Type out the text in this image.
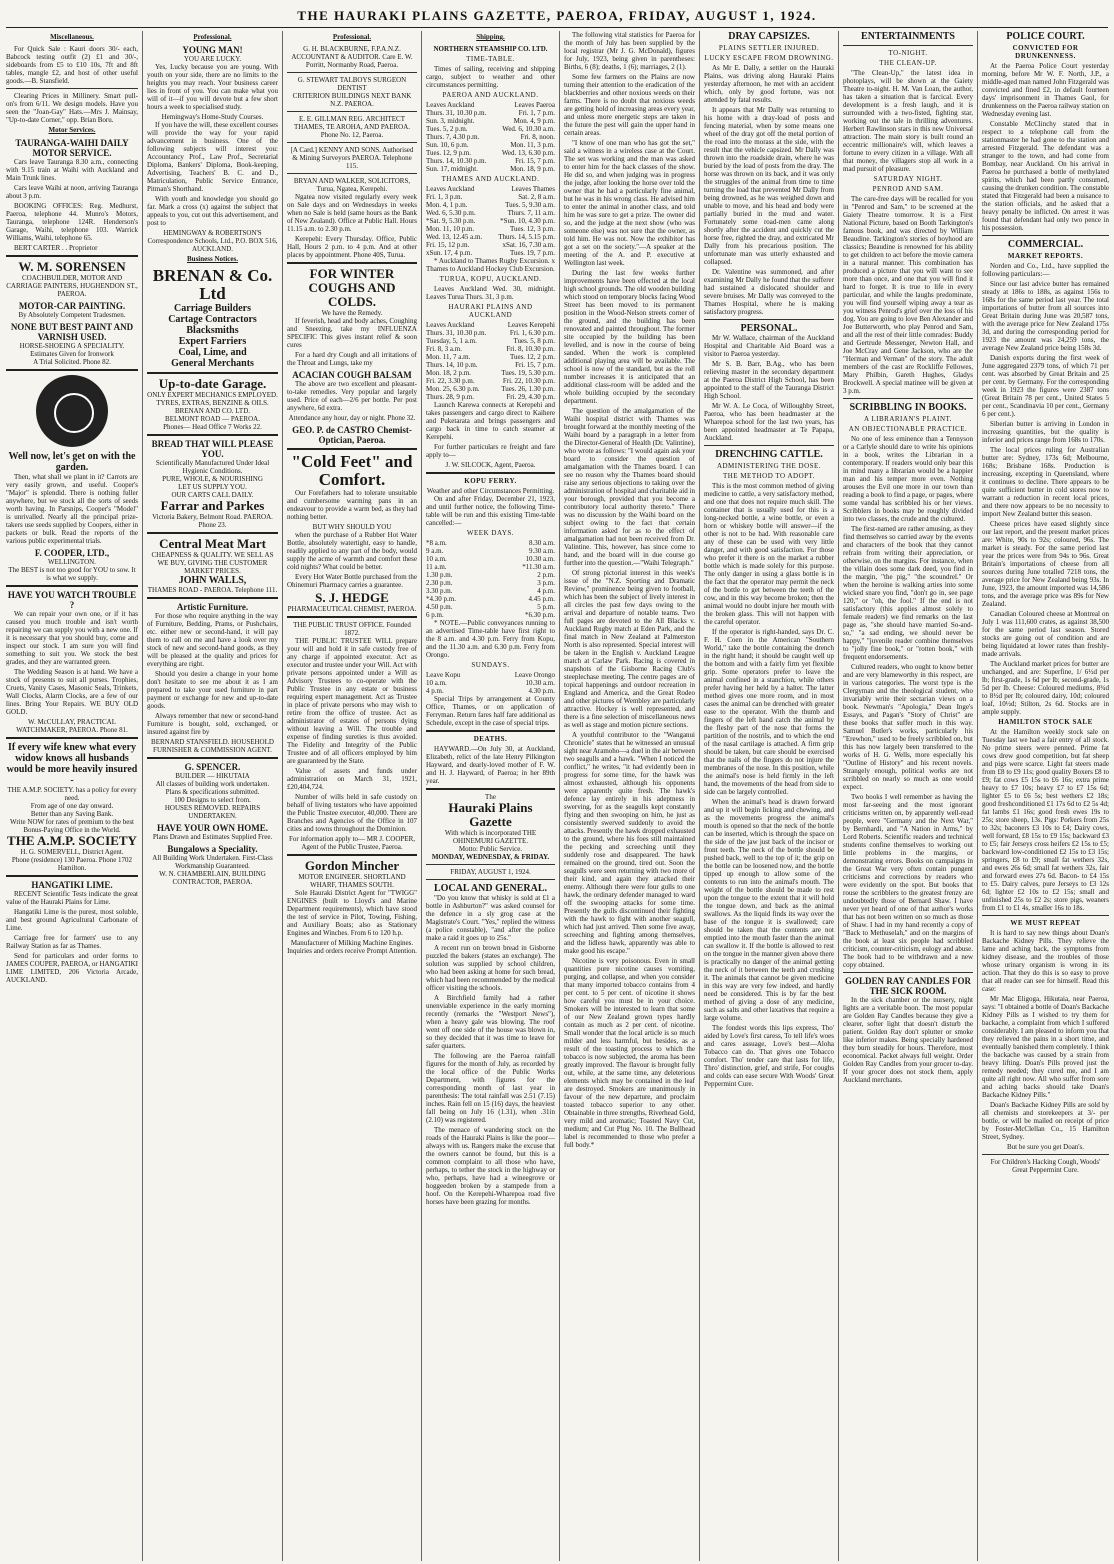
THE HAURAKI PLAINS GAZETTE, PAEROA, FRIDAY, AUGUST 1, 1924.
Miscellaneous.
For Quick Sale : Kauri doors 30/- each, Babcock testing outfit (2) £1 and 30/-, sideboards from £5 to £10 10s, 7ft and 8ft tables, mangle £2, and host of other useful goods.—B. Stansfield.
Clearing Prices in Millinery. Smart pull-on's from 6/11. We design models. Have you seen the "Joan-Gay" Hats.—Mrs J. Mainsay, "Up-to-date Corner," opp. Brian Boru.
Motor Services.
TAURANGA-WAIHI DAILY MOTOR SERVICE.
Cars leave Tauranga 8.30 a.m., connecting with 9.15 train at Waihi with Auckland and Main Trunk lines.
Cars leave Waihi at noon, arriving Tauranga about 3 p.m.
BOOKING OFFICES: Reg. Medhurst, Paeroa, telephone 44. Munro's Motors, Tauranga, telephone 124R. Henderson's Garage, Waihi, telephone 103. Warrick Williams, Waihi, telephone 65.
BERT CARTER . . Proprietor
W. M. SORENSEN
COACHBUILDER, MOTOR AND CARRIAGE PAINTERS, HUGHENDON ST., PAEROA.
MOTOR-CAR PAINTING.
By Absolutely Competent Tradesmen.
NONE BUT BEST PAINT AND VARNISH USED.
HORSE-SHOEING A SPECIALITY.
Estimates Given for Ironwork
A Trial Solicited. Phone 82.
Well now, let's get on with the garden.
Then, what shall we plant in it? Carrots are very easily grown, and useful. Cooper's "Major" is splendid. There is nothing fuller anywhere, but we stock all the sorts of seeds worth having. In Parsnips, Cooper's "Model" is unrivalled. Nearly all the principal prize-takers use seeds supplied by Coopers, either in packets or bulk. Read the reports of the various public experimental trials.
F. COOPER, LTD.,
WELLINGTON.
The BEST is not too good for YOU to sow. It is what we supply.
HAVE YOU WATCH TROUBLE ?
We can repair your own one, or if it has caused you much trouble and isn't worth repairing we can supply you with a new one. If it is necessary that you should buy, come and inspect our stock. I am sure you will find something to suit you. We stock the best grades, and they are warranted green.
The Wedding Season is at hand. We have a stock of presents to suit all purses. Trophies, Cruets, Vanity Cases, Masonic Seals, Trinkets, Wall Clocks, Alarm Clocks, are a few of our lines. Bring Your Repairs. WE BUY OLD GOLD.
W. McCULLAY, PRACTICAL WATCHMAKER, PAEROA. Phone 81.
If every wife knew what every widow knows all husbands would be more heavily insured -
THE A.M.P. SOCIETY. has a policy for every need.
From age of one day onward.
Better than any Saving Bank.
Write NOW for rates of premium to the best Bonus-Paying Office in the World.
THE A.M.P. SOCIETY
H. G. SOMERVELL, District Agent.
Phone (residence) 130 Paeroa. Phone 1702 Hamilton.
HANGATIKI LIME.
RECENT Scientific Tests indicate the great value of the Hauraki Plains for Lime.
Hangatiki Lime is the purest, most soluble, and best ground Agricultural Carbonate of Lime.
Carriage free for farmers' use to any Railway Station as far as Thames.
Send for particulars and order forms to JAMES COUPER, PAEROA, or HANGATIKI LIME LIMITED, 206 Victoria Arcade, AUCKLAND.
Professional.
YOUNG MAN!
YOU ARE LUCKY.
Yes, Lucky because you are young. With youth on your side, there are no limits to the heights you may reach. Your business career lies in front of you. You can make what you will of it—if you will devote but a few short hours a week to specialised study.
Hemingway's Home-Study Courses.
If you have the will, these excellent courses will provide the way for your rapid advancement in business. One of the following subjects will interest you: Accountancy Prof., Law Prof., Secretarial Diploma, Bankers' Diploma, Book-keeping, Advertising, Teachers' B. C. and D., Matriculation, Public Service Entrance, Pitman's Shorthand.
With youth and knowledge you should go far. Mark a cross (x) against the subject that appeals to you, cut out this advertisement, and post to
HEMINGWAY & ROBERTSON'S Correspondence Schools, Ltd., P.O. BOX 516, AUCKLAND.
Business Notices.
BRENAN & Co. Ltd
Carriage Builders
Cartage Contractors
Blacksmiths
Expert Farriers
Coal, Lime, and
General Merchants
Up-to-date Garage.
ONLY EXPERT MECHANICS EMPLOYED.
TYRES, EXTRAS, BENZINE & OILS.
BRENAN AND CO. LTD.
BELMONT ROAD — PAEROA.
Phones— Head Office 7 Works 22.
BREAD THAT WILL PLEASE YOU.
Scientifically Manufactured Under Ideal Hygienic Conditions.
PURE, WHOLE, & NOURISHING
LET US SUPPLY YOU.
OUR CARTS CALL DAILY.
Farrar and Parkes
Victoria Bakery, Belmont Road. PAEROA.
Phone 23.
Central Meat Mart
CHEAPNESS & QUALITY. WE SELL AS WE BUY, GIVING THE CUSTOMER MARKET PRICES.
JOHN WALLS,
THAMES ROAD - PAEROA. Telephone 111.
Artistic Furniture.
For those who require anything in the way of Furniture, Bedding, Prams, or Pushchairs, etc. either new or second-hand, it will pay them to call on me and have a look over my stock of new and second-hand goods, as they will be pleased at the quality and prices for everything are right.
Should you desire a change in your home don't hesitate to see me about it as I am prepared to take your used furniture in part payment or exchange for new and up-to-date goods.
Always remember that new or second-hand Furniture is bought, sold, exchanged, or insured against fire by
BERNARD STANSFIELD. HOUSEHOLD FURNISHER & COMMISSION AGENT.
G. SPENCER.
BUILDER — HIKUTAIA
All classes of building work undertaken.
Plans & specifications submitted.
100 Designs to select from.
HOUSES REMOVED. REPAIRS UNDERTAKEN.
HAVE YOUR OWN HOME.
Plans Drawn and Estimates Supplied Free.
Bungalows a Speciality.
All Building Work Undertaken. First-Class Workmanship Guaranteed.
W. N. CHAMBERLAIN, BUILDING CONTRACTOR, PAEROA.
Professional.
G. H. BLACKBURNE, F.P.A.N.Z. ACCOUNTANT & AUDITOR. Care E. W. Porritt, Normanby Road, Paeroa.
G. STEWART TALBOYS SURGEON DENTIST
CRITERION BUILDINGS NEXT BANK N.Z. PAEROA.
E. E. GILLMAN REG. ARCHITECT THAMES, TE AROHA, AND PAEROA. Phone No. 12, Paeroa.
[A Card.] KENNY AND SONS. Authorised & Mining Surveyors PAEROA. Telephone 115.
BRYAN AND WALKER, SOLICITORS, Turua, Ngatea, Kerepehi.
Ngatea now visited regularly every week on Sale days and on Wednesdays in weeks when no Sale is held (same hours as the Bank of New Zealand). Office at Public Hall. Hours 11.15 a.m. to 2.30 p.m.
Kerepehi: Every Thursday. Office, Public Hall, Hours 2 p.m. to 4 p.m. And at other places by appointment. Phone 40S, Turua.
FOR WINTER COUGHS AND COLDS.
We have the Remedy.
If feverish, head and body aches, Coughing and Sneezing, take my INFLUENZA SPECIFIC This gives instant relief & soon cures
For a hard dry Cough and all irritations of the Throat and Lungs, take my
ACACIAN COUGH BALSAM
The above are two excellent and pleasant-to-take remedies. Very popular and largely used. Price of each—2/6 per bottle. Per post anywhere, 6d extra.
Attendance any hour, day or night. Phone 32.
GEO. P. de CASTRO Chemist-Optician, Paeroa.
"Cold Feet" and Comfort.
Our Forefathers had to tolerate unsuitable and cumbersome warming pans in an endeavour to provide a warm bed, as they had nothing better.
BUT WHY SHOULD YOU
when the purchase of a Rubber Hot Water Bottle, absolutely watertight, easy to handle, readily applied to any part of the body, would supply the acme of warmth and comfort these cold nights? What could be better.
Every Hot Water Bottle purchased from the Ohinemuri Pharmacy carries a guarantee.
S. J. HEDGE
PHARMACEUTICAL CHEMIST, PAEROA.
THE PUBLIC TRUST OFFICE. Founded 1872.
THE PUBLIC TRUSTEE WILL prepare your will and hold it in safe custody free of any charge if appointed executor. Act as executor and trustee under your Will. Act with private persons appointed under a Will as Advisory Trustees to co-operate with the Public Trustee in any estate or business requiring expert management. Act as Trustee in place of private persons who may wish to retire from the office of trustee. Act as administrator of estates of persons dying without leaving a Will. The trouble and expense of finding sureties is thus avoided. The Fidelity and Integrity of the Public Trustee and of all officers employed by him are guaranteed by the State.
Value of assets and funds under administration on March 31, 1921, £20,404,724.
Number of wills held in safe custody on behalf of living testators who have appointed the Public Trustee executor, 40,000. There are Branches and Agencies of the Office in 107 cities and towns throughout the Dominion.
For information apply to— MR J. COOPER, Agent of the Public Trustee, Paeroa.
Gordon Mincher
MOTOR ENGINEER. SHORTLAND WHARF, THAMES SOUTH.
Sole Hauraki District Agent for "TWIGG" ENGINES (built to Lloyd's and Marine Department requirements), which have stood the test of service in Pilot, Towing, Fishing, and Auxiliary Boats; also as Stationary Engines and Winches. From 6 to 120 h.p.
Manufacturer of Milking Machine Engines.
Inquiries and orders receive Prompt Attention.
Shipping.
NORTHERN STEAMSHIP CO. LTD.
TIME-TABLE.
Times of sailing, receiving and shipping cargo, subject to weather and other circumstances permitting.
PAEROA AND AUCKLAND.
Leaves Auckland	Leaves Paeroa
Thurs. 31, 10.30 p.m.	Fri. 1, 7 p.m.
Sun. 3, midnight.	Mon. 4, 9 p.m.
Tues. 5, 2 p.m.	Wed. 6, 10.30 a.m.
Thurs. 7, 4.30 p.m.	Fri. 8, noon.
Sun. 10, 6 p.m.	Mon. 11, 3 p.m.
Tues. 12, 9 p.m.	Wed. 13, 6.30 p.m.
Thurs. 14, 10.30 p.m.	Fri. 15, 7 p.m.
Sun. 17, midnight.	Mon. 18, 9 p.m.
THAMES AND AUCKLAND.
Leaves Auckland	Leaves Thames
Fri. 1, 3 p.m.	Sat. 2, 8 a.m.
Mon. 4, 1 p.m.	Tues. 5, 9.30 a.m.
Wed. 6, 5.30 p.m.	Thurs. 7, 11 a.m.
*Sat. 9, 5.30 p.m.	*Sun. 10, 4.30 p.m.
Mon. 11, 10 p.m.	Tues. 12, 3 p.m.
Wed. 13, 12.45 a.m.	Thurs. 14, 5.15 p.m.
Fri. 15, 12 p.m.	xSat. 16, 7.30 a.m.
xSun. 17, 4 p.m.	Tues. 19, 7 p.m.
* Auckland to Thames Rugby Excursion. x Thames to Auckland Hockey Club Excursion.
TURUA, KOPU, AUCKLAND.
Leaves Auckland Wed. 30, midnight. Leaves Turua Thurs. 31, 3 p.m.
HAURAKI PLAINS AND AUCKLAND
Leaves Auckland	Leaves Kerepehi
Thurs. 31, 10.30 p.m.	Fri. 1, 6.30 p.m.
Tuesday, 5, 1 a.m.	Tues. 5, 8 p.m.
Fri. 8, 3 a.m.	Fri. 8, 10.30 p.m.
Mon. 11, 7 a.m.	Tues. 12, 2 p.m.
Thurs. 14, 10 p.m.	Fri. 15, 7 p.m.
Mon. 18, 2 p.m.	Tues. 19, 5.30 p.m.
Fri. 22, 3.30 p.m.	Fri. 22, 10.30 p.m.
Mon. 25, 6.30 p.m.	Tues. 26, 1.30 p.m.
Thurs. 28, 9 p.m.	Fri. 29, 4.30 p.m.
Launch Karewa connects at Kerepehi and takes passengers and cargo direct to Kaihere and Puketarata and brings passengers and cargo back in time to catch steamer at Kerepehi.
For further particulars re freight and fare apply to—
J. W. SILCOCK, Agent, Paeroa.
KOPU FERRY.
Weather and other Circumstances Permitting.
On and after Friday, December 21, 1923, and until further notice, the following Time-table will be run and this existing Time-table cancelled:—
WEEK DAYS.
*8 a.m.	8.30 a.m.
9 a.m.	9.30 a.m.
10 a.m.	10.30 a.m.
11 a.m.	*11.30 a.m.
1.30 p.m.	2 p.m.
2.30 p.m.	3 p.m.
3.30 p.m.	4 p.m.
*4.30 p.m.	4.45 p.m.
4.50 p.m.	5 p.m.
6 p.m.	*6.30 p.m.
* NOTE.—Public conveyances running to an advertised Time-table have first right to the 8 a.m. and 4.30 p.m. Ferry from Kopu, and the 11.30 a.m. and 6.30 p.m. Ferry from Orongo.
SUNDAYS.
Leave Kopu	Leave Orongo
10 a.m.	10.30 a.m.
4 p.m.	4.30 p.m.
Special Trips by arrangement at County Office, Thames, or on application of Ferryman. Return fares half fare additional as Schedule, except in the case of special trips.
DEATHS.
HAYWARD.—On July 30, at Auckland, Elizabeth, relict of the late Henry Pilkington Hayward, and dearly-loved mother of F. W. and H. J. Hayward, of Paeroa; in her 89th year.
The
Hauraki Plains Gazette
With which is incorporated THE OHINEMURI GAZETTE.
Motto: Public Service.
MONDAY, WEDNESDAY, & FRIDAY.
FRIDAY, AUGUST 1, 1924.
LOCAL AND GENERAL.
"Do you know that whisky is sold at £1 a bottle in Ashburton?" was asked counsel for the defence in a sly grog case at the Magistrate's Court. "Yes," replied the witness (a police constable), "and after the police make a raid it goes up to 25s."
A recent run on brown bread in Gisborne puzzled the bakers (states an exchange). The solution was supplied by school children, who had been asking at home for such bread, which had been recommended by the medical officer visiting the schools.
A Birchfield family had a rather unenviable experience in the early morning recently (remarks the "Westport News"), when a heavy gale was blowing. The roof went off one side of the house was blown in, so they decided that it was time to leave for safer quarters.
The following are the Paeroa rainfall figures for the month of July, as recorded by the local office of the Public Works Department, with figures for the corresponding month of last year in parenthesis: The total rainfall was 2.51 (7.15) inches. Rain fell on 15 (16) days, the heaviest fall being on July 16 (1.31), when .31in (2.10) was registered.
The menace of wandering stock on the roads of the Hauraki Plains is like the poor—always with us. Rangers make the excuse that the owners cannot be found, but this is a common complaint to all those who have, perhaps, to tether the stock in the highway or who, perhaps, have had a wineegrove or hoggeeden broken by a stampede from a hoof. On the Kerepehi-Wharepoa road five horses have been grazing for months.
The following vital statistics for Paeroa for the month of July has been supplied by the local registrar (Mr J. G. McDonald), figures for July, 1923, being given in parentheses: Births, 6 (8); deaths, 1 (6); marriages, 2 (1).
Some few farmers on the Plains are now turning their attention to the eradication of the blackberries and other noxious weeds on their farms. There is no doubt that noxious weeds are getting hold of increasing areas every year, and unless more energetic steps are taken in the future the pest will gain the upper hand in certain areas.
"I know of one man who has got the set," said a witness in a wireless case at the Court. The set was working and the man was asked to enter him for the back classes of the show. He did so, and when judging was in progress the judge, after looking the horse over told the owner that he had a particularly fine animal, but he was in his wrong class. He advised him to enter the animal in another class, and told him he was sure to get a prize. The owner did so, and the judge at the next show (who was someone else) was not sure that the owner, as told him. He was not. Now the exhibitor has got a set on the society."—A speaker at the meeting of the A. and P. executive at Wellington last week.
During the last few weeks further improvements have been effected at the local high school grounds. The old wooden building which stood on temporary blocks facing Wood Street has been moved to its permanent position in the Wood-Nelson streets corner of the ground, and the building has been renovated and painted throughout. The former site occupied by the building has been levelled, and is now in the course of being sanded. When the work is completed additional playing area will be available. The school is now of the standard, but as the roll number increases it is anticipated that an additional class-room will be added and the whole building occupied by the secondary department.
The question of the amalgamation of the Waihi hospital district with Thames was brought forward at the monthly meeting of the Waihi board by a paragraph in a letter from the Director-General of Health (Dr. Valintine), who wrote as follows: "I would again ask your board to consider the question of amalgamation with the Thames board. I can see no reason why the Thames board should raise any serious objections to taking over the administration of hospital and charitable aid in your borough, provided that you become a contributory local authority thereto." There was no discussion by the Waihi board on the subject owing to the fact that certain information asked for as to the effect of amalgamation had not been received from Dr. Valintine. This, however, has since come to hand, and the board will in due course go further into the question.—"Waihi Telegraph."
Of strong pictorial interest in this week's issue of the "N.Z. Sporting and Dramatic Review," prominence being given to football, which has been the subject of lively interest in all circles the past few days owing to the arrival and departure of notable teams. Two full pages are devoted to the All Blacks v. Auckland Rugby match at Eden Park, and the final match in New Zealand at Palmerston North is also represented. Special interest will be taken in the English v. Auckland League match at Carlaw Park. Racing is covered in snapshots of the Gisborne Racing Club's steeplechase meeting. The centre pages are of topical happenings and outdoor recreation in England and America, and the Great Rodeo and other pictures of Wembley are particularly attractive. Hockey is well represented, and there is a fine selection of miscellaneous news as well as stage and motion picture sections.
A youthful contributor to the "Wanganui Chronicle" states that he witnessed an unusual sight near Aramoho—a duel in the air between two seagulls and a hawk. "When I noticed the conflict," he writes, "it had evidently been in progress for some time, for the hawk was almost exhausted, although his opponents were apparently quite fresh. The hawk's defence lay entirely in his adeptness in swerving, for as the seagulls kept constantly flying and then swooping on him, he just as consistently swerved suddenly to avoid the attacks. Presently the hawk dropped exhausted to the ground, where his foes still maintained the pecking and screeching until they suddenly rose and disappeared. The hawk remained on the ground, tired out. Soon the seagulls were seen returning with two more of their kind, and again they attacked their enemy. Although there were four gulls to one hawk, the ordinary defender managed to ward off the swooping attacks for some time. Presently the gulls discontinued their fighting with the hawk to fight with another seagull, which had just arrived. Then some five away, screeching and fighting among themselves, and the lidless hawk, apparently was able to make good his escape."
Nicotine is very poisonous. Even in small quantities pure nicotine causes vomiting, purging, and collapse, and when you consider that many imported tobacco contains from 4 per cent. to 5 per cent. of nicotine it shows how careful you must be in your choice. Smokers will be interested to learn that some of our New Zealand grown types hardly contain as much as 2 per cent. of nicotine. Small wonder that the local article is so much milder and less harmful, but besides, as a result of the toasting process to which the tobacco is now subjected, the aroma has been greatly improved. The flavour is brought fully out, while, at the same time, any deleterious elements which may be contained in the leaf are destroyed. Smokers are unanimously in favour of the new departure, and proclaim toasted tobacco superior to any other. Obtainable in three strengths, Riverhead Gold, very mild and aromatic; Toasted Navy Cut, medium; and Cut Plug No. 10. The Bullhead label is recommended to those who prefer a full body.*
DRAY CAPSIZES.
PLAINS SETTLER INJURED.
LUCKY ESCAPE FROM DROWNING.
As Mr E. Dally, a settler on the Hauraki Plains, was driving along Hauraki Plains yesterday afternoon, he met with an accident which, only by good fortune, was not attended by fatal results.
It appears that Mr Dally was returning to his home with a dray-load of posts and fencing material, when by some means one wheel of the dray got off the metal portion of the road into the morass at the side, with the result that the vehicle capsized. Mr Dally was thrown into the roadside drain, where he was buried by the load of posts from the dray. The horse was thrown on its back, and it was only the struggles of the animal from time to time turning the load that prevented Mr Dally from being drowned, as he was weighed down and unable to move, and his head and body were partially buried in the mud and water. Fortunately some road-men came along shortly after the accident and quickly cut the horse free, righted the dray, and extricated Mr Dally from his precarious position. The unfortunate man was utterly exhausted and collapsed.
Dr. Valentine was summoned, and after examining Mr Dally he found that the sufferer had sustained a dislocated shoulder and severe bruises. Mr Dally was conveyed to the Thames Hospital, where he is making satisfactory progress.
PERSONAL.
Mr W. Wallace, chairman of the Auckland Hospital and Charitable Aid Board was a visitor to Paeroa yesterday.
Mr S. B. Barr, B.Ag., who has been relieving master in the secondary department at the Paeroa District High School, has been appointed to the staff of the Tauranga District High School.
Mr W. A. Le Coca, of Willoughby Street, Paeroa, who has been headmaster at the Wharepoa school for the last two years, has been appointed headmaster at Te Papapa, Auckland.
DRENCHING CATTLE.
ADMINISTERING THE DOSE.
THE METHOD TO ADOPT.
This is the most common method of giving medicine to cattle, a very satisfactory method, and one that does not require much skill. The container that is usually used for this is a long-necked bottle, a wine bottle, or even a horn or whiskey bottle will answer—if the other is not to be had. With reasonable care any of these can be used with very little danger, and with good satisfaction. For those who prefer it there is on the market a rubber bottle which is made solely for this purpose. The only danger in using a glass bottle is in the fact that the operator may permit the neck of the bottle to get between the teeth of the cow, and in this way become broken; then the animal would no doubt injure her mouth with the broken glass. This will not happen with the careful operator.
If the operator is right-handed, says Dr. C. F. H. Coen in the American "Southern World," take the bottle containing the drench in the right hand; it should be caught well up the bottom and with a fairly firm yet flexible grip. Some operators prefer to leave the animal confined in a stanchion, while others prefer having her held by a halter. The latter method gives one more room, and in most cases the animal can be drenched with greater ease to the operator. With the thumb and fingers of the left hand catch the animal by the fleshy part of the nose that forms the partition of the nostrils, and to which the end of the nasal cartilage is attached. A firm grip should be taken, but care should be exercised that the nails of the fingers do not injure the membranes of the nose. In this position, while the animal's nose is held firmly in the left hand, the movements of the head from side to side can be largely controlled.
When the animal's head is drawn forward and up it will begin licking and chewing, and as the movements progress the animal's mouth is opened so that the neck of the bottle can be inserted, which is through the space on the side of the jaw just back of the incisor or front teeth. The neck of the bottle should be pushed back, well to the top of it; the grip on the bottle can be loosened now, and the bottle tipped up enough to allow some of the contents to run into the animal's mouth. The weight of the bottle should be made to rest upon the tongue to the extent that it will hold the tongue down, and back as the animal swallows. As the liquid finds its way over the base of the tongue it is swallowed; care should be taken that the contents are not emptied into the mouth faster than the animal can swallow it. If the bottle is allowed to rest on the tongue in the manner given above there is practically no danger of the animal getting the neck of it between the teeth and crushing it. The animals that cannot be given medicine in this way are very few indeed, and hardly need be considered. This is by far the best method of giving a dose of any medicine, such as salts and other laxatives that require a large volume.
The fondest words this lips express, Tho' aided by Love's first caress, To tell life's woes and cares assuage, Love's best—Aloha Tobacco can do. That gives one Tobacco comfort. Tho' tender care that lasts for life, Thro' distinction, grief, and strife, For coughs and colds can ease secure With Woods' Great Peppermint Cure.
ENTERTAINMENTS
TO-NIGHT.
THE CLEAN-UP.
"The Clean-Up," the latest idea in photoplays, will be shown at the Gaiety Theatre to-night. H. M. Van Loan, the author, has taken a situation that is farcical. Every development is a fresh laugh, and it is surrounded with a two-fisted, fighting star, working out the tale in thrilling adventures. Herbert Rawlinson stars in this new Universal attraction. The main story is built round an eccentric millionaire's will, which leaves a fortune to every citizen in a village. With all that money, the villagers stop all work in a mad pursuit of pleasure.
SATURDAY NIGHT.
PENROD AND SAM.
The care-free days will be recalled for you in "Penrod and Sam," to be screened at the Gaiety Theatre tomorrow. It is a First National Picture, based on Booth Tarkington's famous book, and was directed by William Beaudine. Tarkington's stories of boyhood are classics; Beaudine is renowned for his ability to get children to act before the movie camera in a natural manner. This combination has produced a picture that you will want to see more than once, and one that you will find it hard to forget. It is true to life in every particular, and while the laughs predominate, you will find yourself wiping away a tear as you witness Penrod's grief over the loss of his dog. You are going to love Ben Alexander and Joe Butterworth, who play Penrod and Sam, and all the rest of their little comrades: Buddy and Gertrude Messenger, Newton Hall, and Joe McCray and Gene Jackson, who are the "Herman and Verman" of the story. The adult members of the cast are Rockliffe Fellowes, Mary Philbin, Gareth Hughes, Gladys Brockwell. A special matinee will be given at 3 p.m.
SCRIBBLING IN BOOKS.
A LIBRARIAN'S PLAINT.
AN OBJECTIONABLE PRACTICE.
No one of less eminence than a Tennyson or a Carlyle should dare to write his opinions in a book, writes the Librarian in a contemporary. If readers would only bear this in mind many a librarian would be a happier man and his temper more even. Nothing arouses the Evil one more in our town than reading a book to find a page, or pages, where some vandal has scribbled his or her views. Scribblers in books may be roughly divided into two classes, the crude and the cultured.
The first-named are rather amusing, as they find themselves so carried away by the events and characters of the book that they cannot refrain from writing their appreciation, or otherwise, on the margins. For instance, when the villain does some dark deed, you find in the margin, "the pig," "the scoundrel." Or when the heroine is walking arties into some wicked snare you find, "don't go in, see page 120," or "oh, the fool." If the end is not satisfactory (this applies almost solely to female readers) we find remarks on the last page as, "she should have married So-and-so," "a sad ending, we should never be happy," "juvenile reader combine themselves to "jolly fine book," or "rotten book," with frequent endorsements.
Cultured readers, who ought to know better and are very blameworthy in this respect, are in various categories. The worst type is the Clergyman and the theological student, who invariably write their sectarian views on a book. Newman's "Apologia," Dean Inge's Essays, and Pagan's "Story of Christ" are these books that suffer much in this way. Samuel Butler's works, particularly his "Erewhon," used to be freely scribbled on, but this has now largely been transferred to the works of H. G. Wells, more especially his "Outline of History" and his recent novels. Strangely enough, political works are not scribbled on nearly so much as one would expect.
Two books I well remember as having the most far-seeing and the most ignorant criticisms written on, by apparently well-read people, were "Germany and the Next War," by Bernhardi, and "A Nation in Arms," by Lord Roberts. Scientific readers and technical students confine themselves to working out little problems in the margins, or demonstrating errors. Books on campaigns in the Great War very often contain pungent criticisms and corrections by readers who were evidently on the spot. But books that rouse the scribblers to the greatest frenzy are undoubtedly those of Bernard Shaw. I have never yet heard of one of that author's works that has not been written on so much as those of Shaw. I had in my hand recently a copy of "Back to Methuselah," and on the margins of the book at least six people had scribbled criticism, counter-criticism, eulogy and abuse. The book had to be withdrawn and a new copy obtained.
GOLDEN RAY CANDLES FOR THE SICK ROOM.
In the sick chamber or the nursery, night lights are a veritable boon. The most popular are Golden Ray Candles because they give a clearer, softer light that doesn't disturb the patient. Golden Ray don't splutter or smoke like inferior makes. Being specially hardened they burn steadily for hours. Therefore, most economical. Packet always full weight. Order Golden Ray Candles from your grocer to-day. If your grocer does not stock them, apply Auckland merchants.
POLICE COURT.
CONVICTED FOR DRUNKENNESS.
At the Paeroa Police Court yesterday morning, before Mr W. F. North, J.P., a middle-aged man named John Fitzgerald was convicted and fined £2, in default fourteen days' imprisonment in Thames Gaol, for drunkenness on the Paeroa railway station on Wednesday evening last.
Constable McClinchy stated that in respect to a telephone call from the stationmaster he had gone to the station and arrested Fitzgerald. The defendant was a stranger to the town, and had come from Bombay, near Auckland. On his arrival in Paeroa he purchased a bottle of methylated spirits, which had been partly consumed, causing the drunken condition. The constable stated that Fitzgerald had been a nuisance to the station officials, and he asked that a heavy penalty be inflicted. On arrest it was found that defendant had only two pence in his possession.
COMMERCIAL.
MARKET REPORTS.
Norden and Co., Ltd., have supplied the following particulars:—
Since our last advice butter has remained steady at 186s to 188s, as against 156s to 168s for the same period last year. The total importations of butter from all sources into Great Britain during June was 20,587 tons, with the average price for New Zealand 175s 3d, and during the corresponding period for 1923 the amount was 24,259 tons, the average New Zealand price being 158s 3d.
Danish exports during the first week of June aggregated 2379 tons, of which 71 per cent. was absorbed by Great Britain and 25 per cent. by Germany. For the corresponding week in 1923 the figures were 2387 tons (Great Britain 78 per cent., United States 5 per cent., Scandinavia 10 per cent., Germany 6 per cent.).
Siberian butter is arriving in London in increasing quantities, but the quality is inferior and prices range from 168s to 170s.
The local prices ruling for Australian butter are: Sydney, 173s 6d; Melbourne, 168s; Brisbane 168s. Production is increasing, excepting in Queensland, where it continues to decline. There appears to be quite sufficient butter in cold stores now to warrant a reduction in recent local prices, and there now appears to be no necessity to import New Zealand butter this season.
Cheese prices have eased slightly since our last report, and the present market prices are: White, 90s to 92s; coloured, 96s. The market is steady. For the same period last year the prices were from 94s to 96s. Great Britain's importations of cheese from all sources during June totalled 7218 tons, the average price for New Zealand being 93s. In June, 1923, the amount imported was 14,586 tons, and the average price was 89s for New Zealand.
Canadian Coloured cheese at Montreal on July 1 was 111,600 crates, as against 38,500 for the same period last season. Stored stocks are going out of condition and are being liquidated at lower rates than freshly-made arrivals.
The Auckland market prices for butter are unchanged, and are: Superfine, 1/ 6½d per lb; first-grade, 1s 6d per lb; second-grade, 1s 5d per lb. Cheese: Coloured mediums, 8¾d to 8½d per lb; coloured dairy, 10d; coloured loaf, 10½d; Stilton, 2s 6d. Stocks are in ample supply.
HAMILTON STOCK SALE
At the Hamilton weekly stock sale on Tuesday last we had a fair entry of all stock. No prime steers were penned. Prime fat cows drew good competition, but fat sheep and pigs were scarce. Light fat steers made from £8 to £9 11s; good quality Boxers £8 to £9; fat cows £5 15s to £6 16s; extra prime heavy to £7 10s; heavy £7 to £7 15s 6d; lighter £5 to £6 5s; best wethers £2 18s; good freshconditioned £1 17s 6d to £2 5s 4d; fat lambs £1 16s; good fresh ewes 19s to 25s; store sheep, 13s. Pigs: Porkers from 25s to 32s; baconers £3 10s to £4; Dairy cows, well forward, £8 15s to £9 15s; backward £3 to £5; fair Jerseys cross heifers £2 15s to £5; backward low-conditioned £2 15s to £3 15s; springers, £8 to £9; small fat wethers 32s, and ewes 26s 6d; small fat wethers 32s, fair and forward ewes 27s 6d. Bacon- to £4 15s to £5. Dairy calves, pure Jerseys to £3 12s 6d; lighter £2 10s to £2 15s; small and unfinished 25s to £2 2s; store pigs, weaners from £1 to £1 4s, smaller 16s to 18s.
WE MUST REPEAT
It is hard to say new things about Doan's Backache Kidney Pills. They relieve the lame and aching back, the symptoms from kidney disease, and the troubles of those whose urinary organism is wrong in its action. That they do this is so easy to prove that all reader can see for himself. Read this case:
Mr Mac Eligoga, Hikutaia, near Paeroa, says: "I obtained a bottle of Doan's Backache Kidney Pills as I wished to try them for backache, a complaint from which I suffered considerably. I am pleased to inform you that they relieved the pains in a short time, and eventually banished them completely. I think the backache was caused by a strain from heavy lifting. Doan's Pills proved just the remedy needed; they cured me, and I am quite all right now. All who suffer from sore and aching backs should take Doan's Backache Kidney Pills."
Doan's Backache Kidney Pills are sold by all chemists and storekeepers at 3/- per bottle, or will be mailed on receipt of price by Foster-McClellan Co., 15 Hamilton Street, Sydney.
But be sure you get Doan's.
For Children's Hacking Cough, Woods' Great Peppermint Cure.
